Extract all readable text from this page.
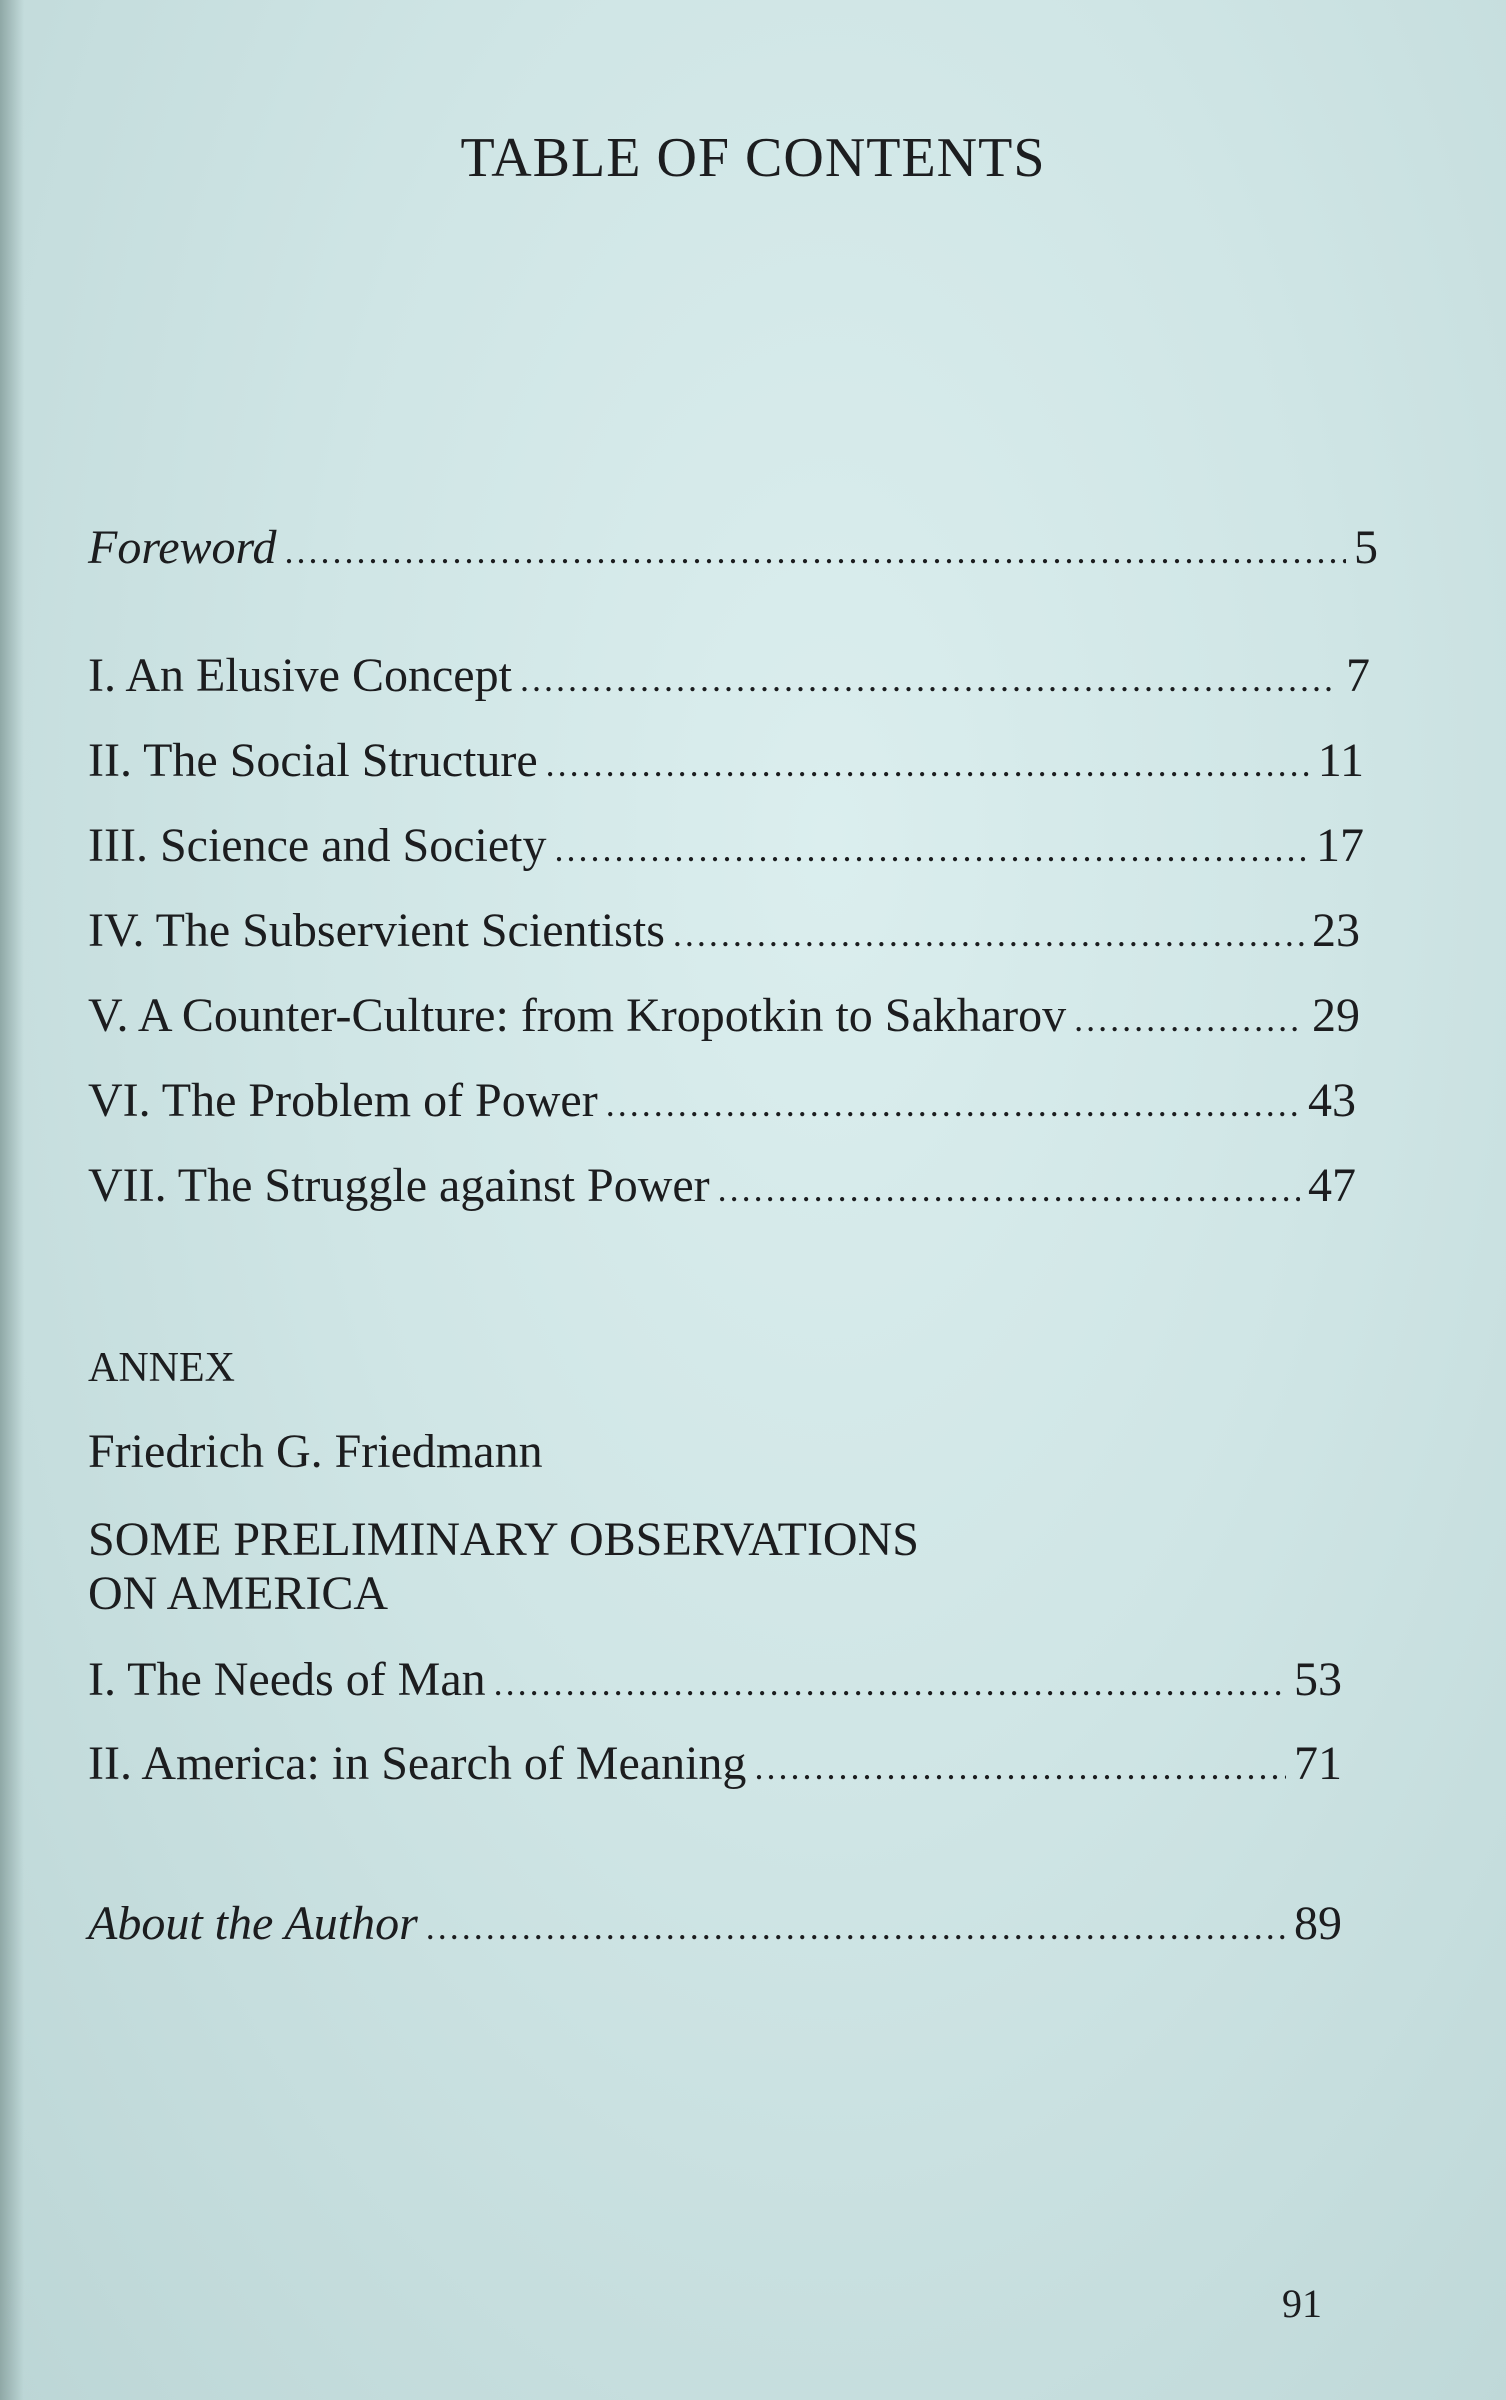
TABLE OF CONTENTS
Foreword . . .	5
I. An Elusive Concept . . .	7
II. The Social Structure . . .	11
III. Science and Society . . .	17
IV. The Subservient Scientists . . .	23
V. A Counter-Culture: from Kropotkin to Sakharov . . .	29
VI. The Problem of Power . . .	43
VII. The Struggle against Power . . .	47
ANNEX
Friedrich G. Friedmann
SOME PRELIMINARY OBSERVATIONS
ON AMERICA
I. The Needs of Man . . .	53
II. America: in Search of Meaning . . .	71
About the Author . . .	89
91
